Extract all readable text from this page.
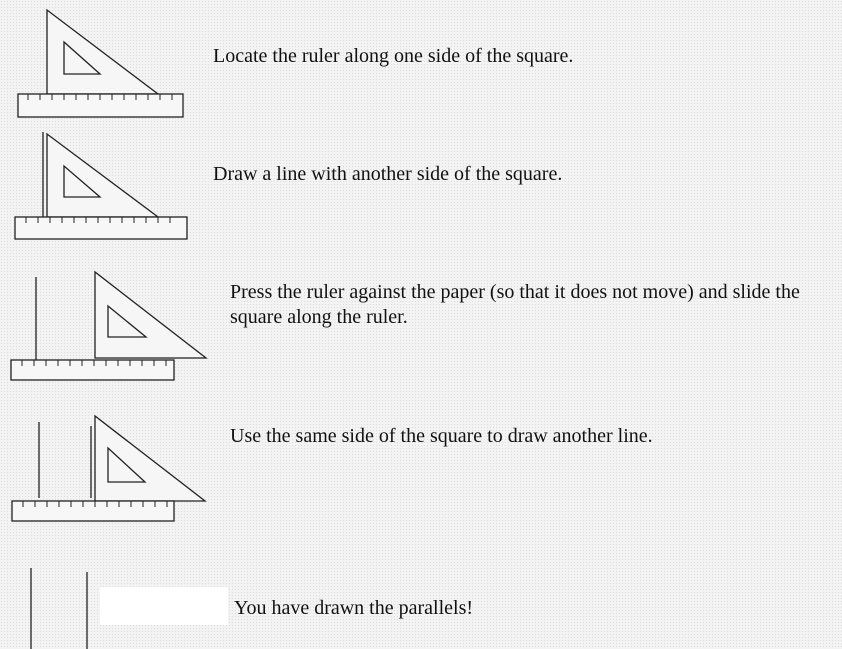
Locate the ruler along one side of the square.

Draw a line with another side of the square.

Press the ruler against the paper (so that it does not move) and slide the square along the ruler.

Use the same side of the square to draw another line.

You have drawn the parallels!
